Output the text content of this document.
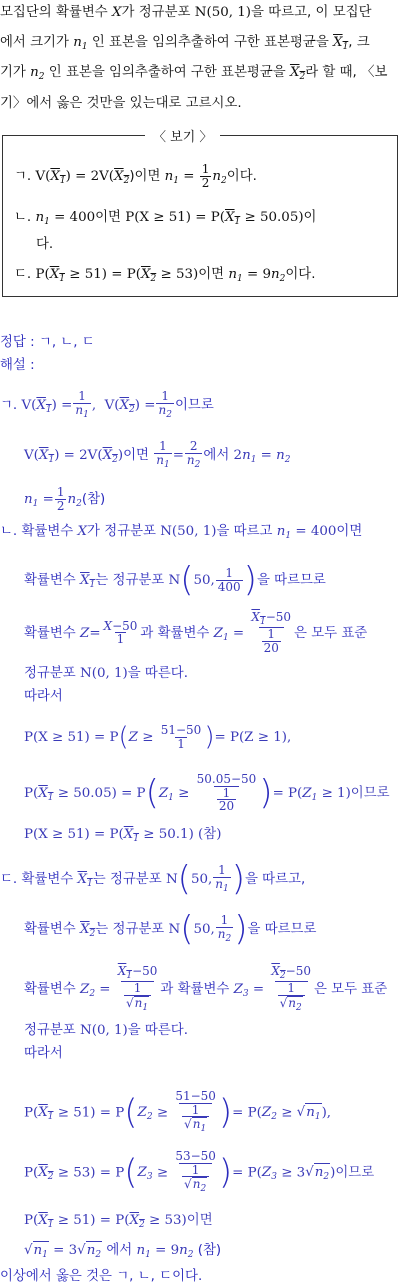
모집단의 확률변수 X가 정규분포 N(50, 1)을 따르고, 이 모집단
에서 크기가 $n_1$ 인 표본을 임의추출하여 구한 표본평균을 $X_1$, 크
기가 $n_2$ 인 표본을 임의추출하여 구한 표본평균을 $X_2$라 할 때, 〈보
기〉에서 옳은 것만을 있는대로 고르시오.
〈 보기 〉
ㄱ. $V(X_1) = 2V(X_2)$이면 $n_1 = \frac{1}{2} n_2$이다.
ㄴ. $n_1 = 400$이면 $P(X \ge 51) = P(X_1 \ge 50.05)$이
다.
ㄷ. $P(X_1 \ge 51) = P(X_2 \ge 53)$이면 $n_1 = 9n_2$이다.
정답 : ㄱ, ㄴ, ㄷ
해설 :
ㄱ. $V(X_1) = \frac{1}{n_1}$ ,  $V(X_2) = \frac{1}{n_2}$ 이므로
$V(X_1) = 2V(X_2)$이면 $\frac{1}{n_1} = \frac{2}{n_2}$ 에서 $2n_1 = n_2$
$n_1 = \frac{1}{2} n_2$(참)
ㄴ. 확률변수 X가 정규분포 N(50, 1)을 따르고 $n_1 = 400$이면
확률변수 $X_1$는 정규분포 N(50, $\frac{1}{400}$ )을 따르므로
확률변수 $Z= \frac{X-50}{1}$ 과 확률변수 $Z_1 = \frac{X_1-50}{\frac{1}{20}}$ 은 모두 표준
정규분포 N(0, 1)을 따른다.
따라서
$P(X \ge 51) = P(Z \ge \frac{51-50}{1}$ )= P(Z ≥ 1),
$P(X_1 \ge 50.05) = P(Z_1 \ge \frac{50.05-50}{\frac{1}{20}}$ )= $P(Z_1 \ge 1)$이므로
$P(X \ge 51) = P(X_1 \ge 50.1)$ (참)
ㄷ. 확률변수 $X_1$는 정규분포 N(50, $\frac{1}{n_1}$ )을 따르고,
확률변수 $X_2$는 정규분포 N(50, $\frac{1}{n_2}$ )을 따르므로
확률변수 $Z_2 = \frac{X_1-50}{\frac{1}{√n_1}}$ 과 확률변수 $Z_3 = \frac{X_2-50}{\frac{1}{√n_2}}$ 은 모두 표준
정규분포 N(0, 1)을 따른다.
따라서
$P(X_1 \ge 51) = P(Z_2 \ge \frac{51-50}{\frac{1}{√n_1}}$ )= $P(Z_2 \ge √n_1)$,
$P(X_2 \ge 53) = P(Z_3 \ge \frac{53-50}{\frac{1}{√n_2}}$ )= $P(Z_3 \ge 3√n_2)$이므로
$P(X_1 \ge 51) = P(X_2 \ge 53)$이면
$√n_1 = 3√n_2$ 에서 $n_1 = 9n_2$ (참)
이상에서 옳은 것은 ㄱ, ㄴ, ㄷ이다.
